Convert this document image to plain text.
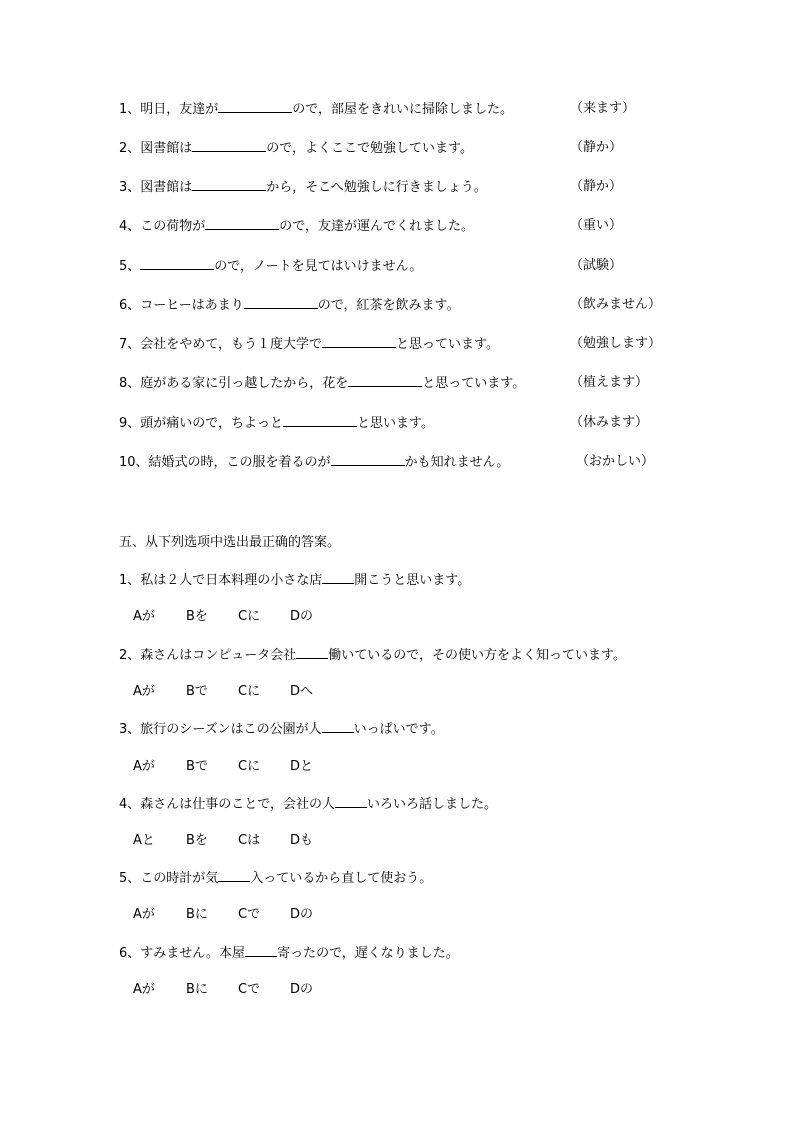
1、明日，友達が	ので，部屋をきれいに掃除しました。	（来ます）
2、図書館は	ので，よくここで勉強しています。	（静か）
3、図書館は	から，そこへ勉強しに行きましょう。	（静か）
4、この荷物が	ので，友達が運んでくれました。	（重い）
5、	ので，ノートを見てはいけません。	（試験）
6、コーヒーはあまり	ので，紅茶を飲みます。	（飲みません）
7、会社をやめて，もう１度大学で	と思っています。	（勉強します）
8、庭がある家に引っ越したから，花を	と思っています。	（植えます）
9、頭が痛いので，ちよっと	と思います。	（休みます）
10、結婚式の時，この服を着るのが	かも知れません。	（おかしい）
五、从下列选项中选出最正确的答案。
1、私は２人で日本料理の小さな店 開こうと思います。
Aが Bを Cに Dの
2、森さんはコンピュータ会社 働いているので，その使い方をよく知っています。
Aが Bで Cに Dへ
3、旅行のシーズンはこの公園が人 いっぱいです。
Aが Bで Cに Dと
4、森さんは仕事のことで，会社の人 いろいろ話しました。
Aと Bを Cは Dも
5、この時計が気 入っているから直して使おう。
Aが Bに Cで Dの
6、すみません。本屋 寄ったので，遅くなりました。
Aが Bに Cで Dの
